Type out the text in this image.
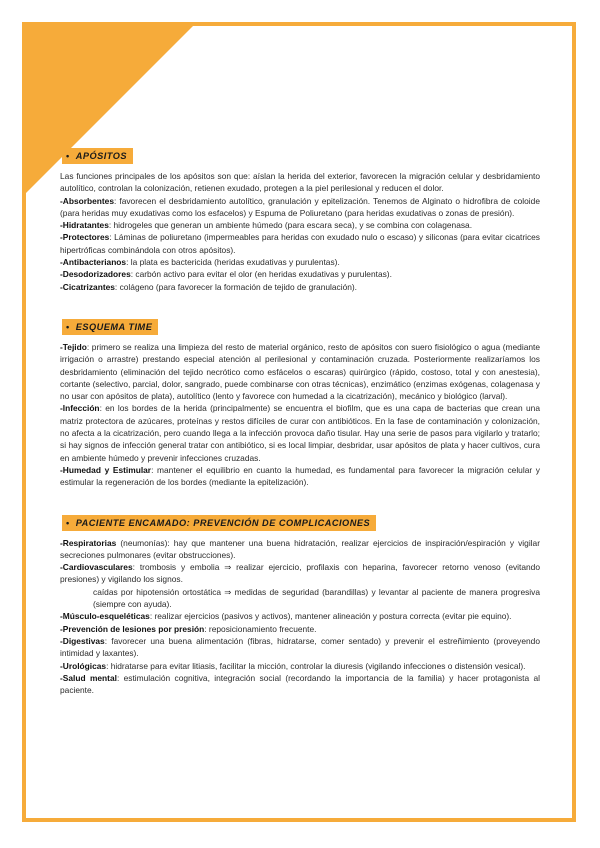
• APÓSITOS

Las funciones principales de los apósitos son que: aíslan la herida del exterior, favorecen la migración celular y desbridamiento autolítico, controlan la colonización, retienen exudado, protegen a la piel perilesional y reducen el dolor.

-Absorbentes: favorecen el desbridamiento autolítico, granulación y epitelización. Tenemos de Alginato o hidrofibra de coloide (para heridas muy exudativas como los esfacelos) y Espuma de Poliuretano (para heridas exudativas o zonas de presión).

-Hidratantes: hidrogeles que generan un ambiente húmedo (para escara seca), y se combina con colagenasa.

-Protectores: Láminas de poliuretano (impermeables para heridas con exudado nulo o escaso) y siliconas (para evitar cicatrices hipertróficas combinándola con otros apósitos).

-Antibacterianos: la plata es bactericida (heridas exudativas y purulentas).

-Desodorizadores: carbón activo para evitar el olor (en heridas exudativas y purulentas).

-Cicatrizantes: colágeno (para favorecer la formación de tejido de granulación).

• ESQUEMA TIME

-Tejido: primero se realiza una limpieza del resto de material orgánico, resto de apósitos con suero fisiológico o agua (mediante irrigación o arrastre) prestando especial atención al perilesional y contaminación cruzada. Posteriormente realizaríamos los desbridamiento (eliminación del tejido necrótico como esfácelos o escaras) quirúrgico (rápido, costoso, total y con anestesia), cortante (selectivo, parcial, dolor, sangrado, puede combinarse con otras técnicas), enzimático (enzimas exógenas, colagenasa y no usar con apósitos de plata), autolítico (lento y favorece con humedad a la cicatrización), mecánico y biológico (larval).

-Infección: en los bordes de la herida (principalmente) se encuentra el biofilm, que es una capa de bacterias que crean una matriz protectora de azúcares, proteínas y restos difíciles de curar con antibióticos. En la fase de contaminación y colonización, no afecta a la cicatrización, pero cuando llega a la infección provoca daño tisular. Hay una serie de pasos para vigilarlo y tratarlo; si hay signos de infección general tratar con antibiótico, si es local limpiar, desbridar, usar apósitos de plata y hacer cultivos, cura en ambiente húmedo y prevenir infecciones cruzadas.

-Humedad y Estimular: mantener el equilibrio en cuanto la humedad, es fundamental para favorecer la migración celular y estimular la regeneración de los bordes (mediante la epitelización).

• PACIENTE ENCAMADO: PREVENCIÓN DE COMPLICACIONES

-Respiratorias (neumonías): hay que mantener una buena hidratación, realizar ejercicios de inspiración/espiración y vigilar secreciones pulmonares (evitar obstrucciones).

-Cardiovasculares: trombosis y embolia ⇒ realizar ejercicio, profilaxis con heparina, favorecer retorno venoso (evitando presiones) y vigilando los signos.

caídas por hipotensión ortostática ⇒ medidas de seguridad (barandillas) y levantar al paciente de manera progresiva (siempre con ayuda).

-Músculo-esqueléticas: realizar ejercicios (pasivos y activos), mantener alineación y postura correcta (evitar pie equino).

-Prevención de lesiones por presión: reposicionamiento frecuente.

-Digestivas: favorecer una buena alimentación (fibras, hidratarse, comer sentado) y prevenir el estreñimiento (proveyendo intimidad y laxantes).

-Urológicas: hidratarse para evitar litiasis, facilitar la micción, controlar la diuresis (vigilando infecciones o distensión vesical).

-Salud mental: estimulación cognitiva, integración social (recordando la importancia de la familia) y hacer protagonista al paciente.
